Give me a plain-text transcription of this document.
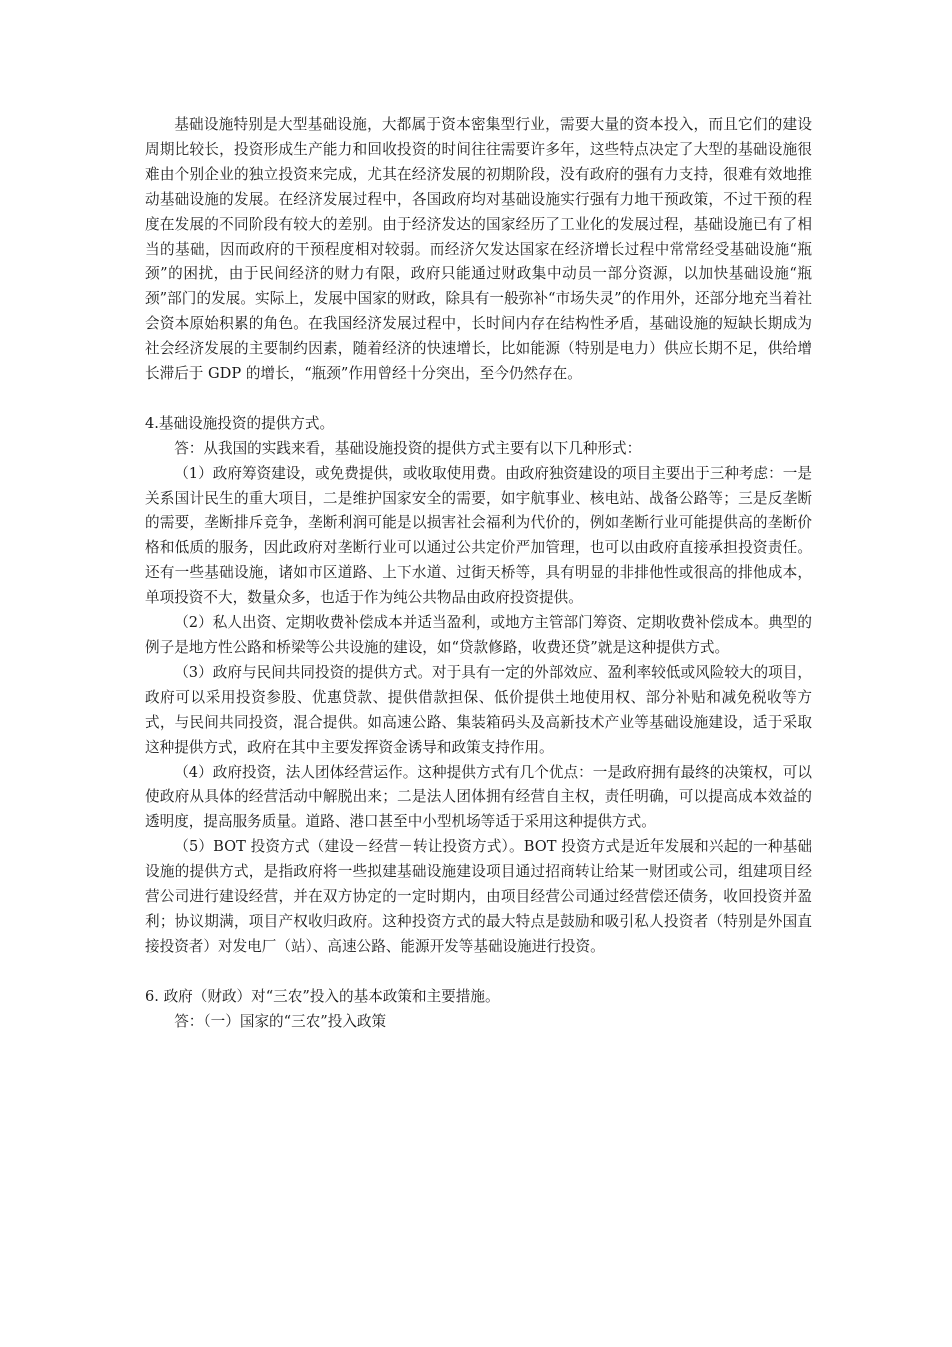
基础设施特别是大型基础设施，大都属于资本密集型行业，需要大量的资本投入，而且它们的建设周期比较长，投资形成生产能力和回收投资的时间往往需要许多年，这些特点决定了大型的基础设施很难由个别企业的独立投资来完成，尤其在经济发展的初期阶段，没有政府的强有力支持，很难有效地推动基础设施的发展。在经济发展过程中，各国政府均对基础设施实行强有力地干预政策，不过干预的程度在发展的不同阶段有较大的差别。由于经济发达的国家经历了工业化的发展过程，基础设施已有了相当的基础，因而政府的干预程度相对较弱。而经济欠发达国家在经济增长过程中常常经受基础设施“瓶颈”的困扰，由于民间经济的财力有限，政府只能通过财政集中动员一部分资源，以加快基础设施“瓶颈”部门的发展。实际上，发展中国家的财政，除具有一般弥补“市场失灵”的作用外，还部分地充当着社会资本原始积累的角色。在我国经济发展过程中，长时间内存在结构性矛盾，基础设施的短缺长期成为社会经济发展的主要制约因素，随着经济的快速增长，比如能源（特别是电力）供应长期不足，供给增长滞后于 GDP 的增长，“瓶颈”作用曾经十分突出，至今仍然存在。

4.基础设施投资的提供方式。

答：从我国的实践来看，基础设施投资的提供方式主要有以下几种形式：

（1）政府筹资建设，或免费提供，或收取使用费。由政府独资建设的项目主要出于三种考虑：一是关系国计民生的重大项目，二是维护国家安全的需要，如宇航事业、核电站、战备公路等；三是反垄断的需要，垄断排斥竞争，垄断利润可能是以损害社会福利为代价的，例如垄断行业可能提供高的垄断价格和低质的服务，因此政府对垄断行业可以通过公共定价严加管理，也可以由政府直接承担投资责任。还有一些基础设施，诸如市区道路、上下水道、过街天桥等，具有明显的非排他性或很高的排他成本，单项投资不大，数量众多，也适于作为纯公共物品由政府投资提供。

（2）私人出资、定期收费补偿成本并适当盈利，或地方主管部门筹资、定期收费补偿成本。典型的例子是地方性公路和桥梁等公共设施的建设，如“贷款修路，收费还贷”就是这种提供方式。

（3）政府与民间共同投资的提供方式。对于具有一定的外部效应、盈利率较低或风险较大的项目，政府可以采用投资参股、优惠贷款、提供借款担保、低价提供土地使用权、部分补贴和减免税收等方式，与民间共同投资，混合提供。如高速公路、集装箱码头及高新技术产业等基础设施建设，适于采取这种提供方式，政府在其中主要发挥资金诱导和政策支持作用。

（4）政府投资，法人团体经营运作。这种提供方式有几个优点：一是政府拥有最终的决策权，可以使政府从具体的经营活动中解脱出来；二是法人团体拥有经营自主权，责任明确，可以提高成本效益的透明度，提高服务质量。道路、港口甚至中小型机场等适于采用这种提供方式。

（5）BOT 投资方式（建设－经营－转让投资方式）。BOT 投资方式是近年发展和兴起的一种基础设施的提供方式，是指政府将一些拟建基础设施建设项目通过招商转让给某一财团或公司，组建项目经营公司进行建设经营，并在双方协定的一定时期内，由项目经营公司通过经营偿还债务，收回投资并盈利；协议期满，项目产权收归政府。这种投资方式的最大特点是鼓励和吸引私人投资者（特别是外国直接投资者）对发电厂（站）、高速公路、能源开发等基础设施进行投资。

6. 政府（财政）对“三农”投入的基本政策和主要措施。

答：（一）国家的“三农”投入政策
